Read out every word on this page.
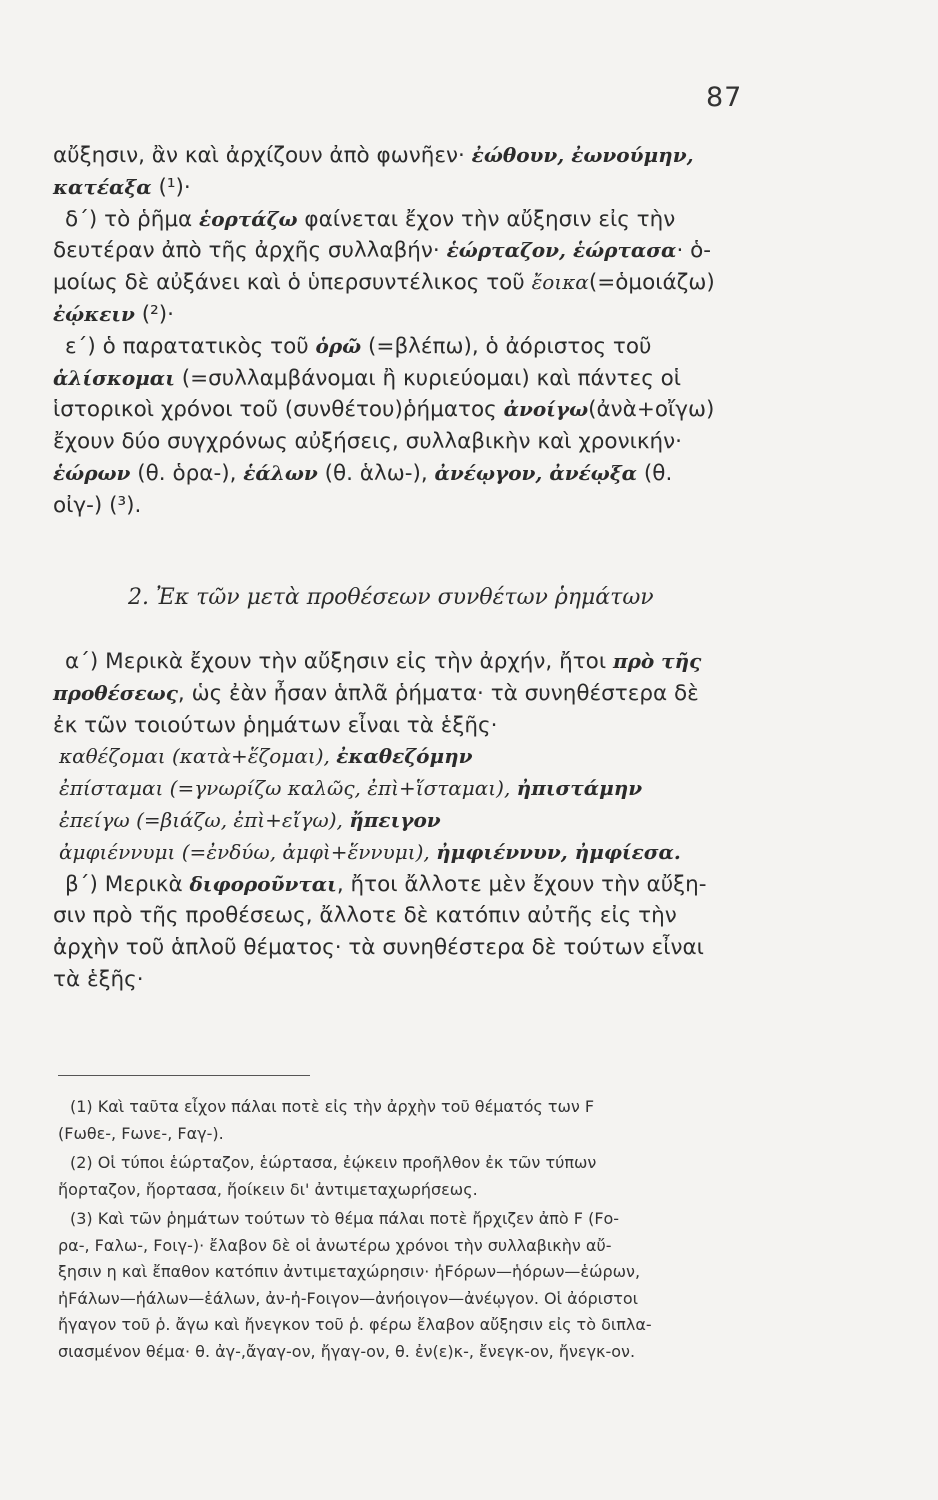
87
αὔξησιν, ἂν καὶ ἀρχίζουν ἀπὸ φωνῆεν· ἐώθουν, ἐωνούμην,
κατέαξα (¹)·
δ΄) τὸ ῥῆμα ἑορτάζω φαίνεται ἔχον τὴν αὔξησιν εἰς τὴν
δευτέραν ἀπὸ τῆς ἀρχῆς συλλαβήν· ἑώρταζον, ἑώρτασα· ὁ-
μοίως δὲ αὐξάνει καὶ ὁ ὑπερσυντέλικος τοῦ ἔοικα(=ὁμοιάζω)
ἐῴκειν (²)·
ε΄) ὁ παρατατικὸς τοῦ ὁρῶ (=βλέπω), ὁ ἀόριστος τοῦ
ἁλίσκομαι (=συλλαμβάνομαι ἢ κυριεύομαι) καὶ πάντες οἱ
ἱστορικοὶ χρόνοι τοῦ (συνθέτου)ῥήματος ἀνοίγω(ἀνὰ+οἴγω)
ἔχουν δύο συγχρόνως αὐξήσεις, συλλαβικὴν καὶ χρονικήν·
ἑώρων (θ. ὁρα-), ἑάλων (θ. ἁλω-), ἀνέῳγον, ἀνέῳξα (θ.
οἰγ-) (³).
2. Ἐκ τῶν μετὰ προθέσεων συνθέτων ῥημάτων
α΄) Μερικὰ ἔχουν τὴν αὔξησιν εἰς τὴν ἀρχήν, ἤτοι πρὸ τῆς
προθέσεως, ὡς ἐὰν ἦσαν ἁπλᾶ ῥήματα· τὰ συνηθέστερα δὲ
ἐκ τῶν τοιούτων ῥημάτων εἶναι τὰ ἑξῆς·
καθέζομαι (κατὰ+ἕζομαι), ἐκαθεζόμην
ἐπίσταμαι (=γνωρίζω καλῶς, ἐπὶ+ἵσταμαι), ἠπιστάμην
ἐπείγω (=βιάζω, ἐπὶ+εἴγω), ἤπειγον
ἀμφιέννυμι (=ἐνδύω, ἀμφὶ+ἕννυμι), ἠμφιέννυν, ἠμφίεσα.
β΄) Μερικὰ διφοροῦνται, ἤτοι ἄλλοτε μὲν ἔχουν τὴν αὔξη-
σιν πρὸ τῆς προθέσεως, ἄλλοτε δὲ κατόπιν αὐτῆς εἰς τὴν
ἀρχὴν τοῦ ἁπλοῦ θέματος· τὰ συνηθέστερα δὲ τούτων εἶναι
τὰ ἑξῆς·
(1) Καὶ ταῦτα εἶχον πάλαι ποτὲ εἰς τὴν ἀρχὴν τοῦ θέματός των F
(Fωθε-, Fωνε-, Fαγ-).
(2) Οἱ τύποι ἑώρταζον, ἑώρτασα, ἐῴκειν προῆλθον ἐκ τῶν τύπων
ἥορταζον, ἥορτασα, ἥοίκειν δι' ἀντιμεταχωρήσεως.
(3) Καὶ τῶν ῥημάτων τούτων τὸ θέμα πάλαι ποτὲ ἤρχιζεν ἀπὸ F (Fο-
ρα-, Fαλω-, Fοιγ-)· ἔλαβον δὲ οἱ ἀνωτέρω χρόνοι τὴν συλλαβικὴν αὔ-
ξησιν η καὶ ἔπαθον κατόπιν ἀντιμεταχώρησιν· ἠFόρων—ἡόρων—ἑώρων,
ἠFάλων—ἡάλων—ἑάλων, ἀν-ἠ-Fοιγον—ἀνήοιγον—ἀνέῳγον. Οἱ ἀόριστοι
ἤγαγον τοῦ ῥ. ἄγω καὶ ἤνεγκον τοῦ ῥ. φέρω ἔλαβον αὔξησιν εἰς τὸ διπλα-
σιασμένον θέμα· θ. ἀγ-,ἄγαγ-ον, ἤγαγ-ον, θ. ἐν(ε)κ-, ἔνεγκ-ον, ἤνεγκ-ον.
